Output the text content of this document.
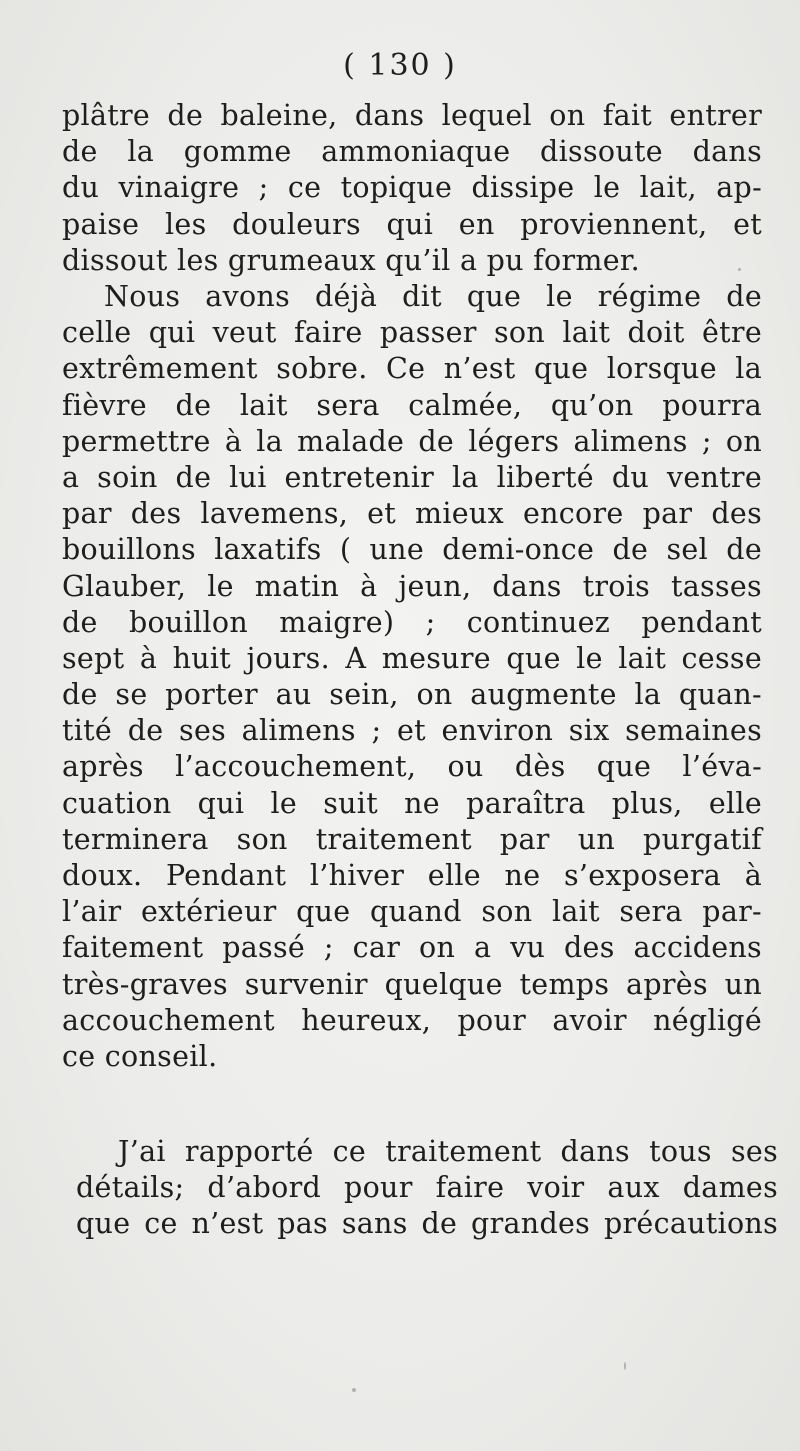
( 130 )
plâtre de baleine, dans lequel on fait entrer
de la gomme ammoniaque dissoute dans
du vinaigre ; ce topique dissipe le lait, ap-
paise les douleurs qui en proviennent, et
dissout les grumeaux qu’il a pu former.
Nous avons déjà dit que le régime de
celle qui veut faire passer son lait doit être
extrêmement sobre. Ce n’est que lorsque la
fièvre de lait sera calmée, qu’on pourra
permettre à la malade de légers alimens ; on
a soin de lui entretenir la liberté du ventre
par des lavemens, et mieux encore par des
bouillons laxatifs ( une demi-once de sel de
Glauber, le matin à jeun, dans trois tasses
de bouillon maigre) ; continuez pendant
sept à huit jours. A mesure que le lait cesse
de se porter au sein, on augmente la quan-
tité de ses alimens ; et environ six semaines
après l’accouchement, ou dès que l’éva-
cuation qui le suit ne paraîtra plus, elle
terminera son traitement par un purgatif
doux. Pendant l’hiver elle ne s’exposera à
l’air extérieur que quand son lait sera par-
faitement passé ; car on a vu des accidens
très-graves survenir quelque temps après un
accouchement heureux, pour avoir négligé
ce conseil.
J’ai rapporté ce traitement dans tous ses
détails; d’abord pour faire voir aux dames
que ce n’est pas sans de grandes précautions
